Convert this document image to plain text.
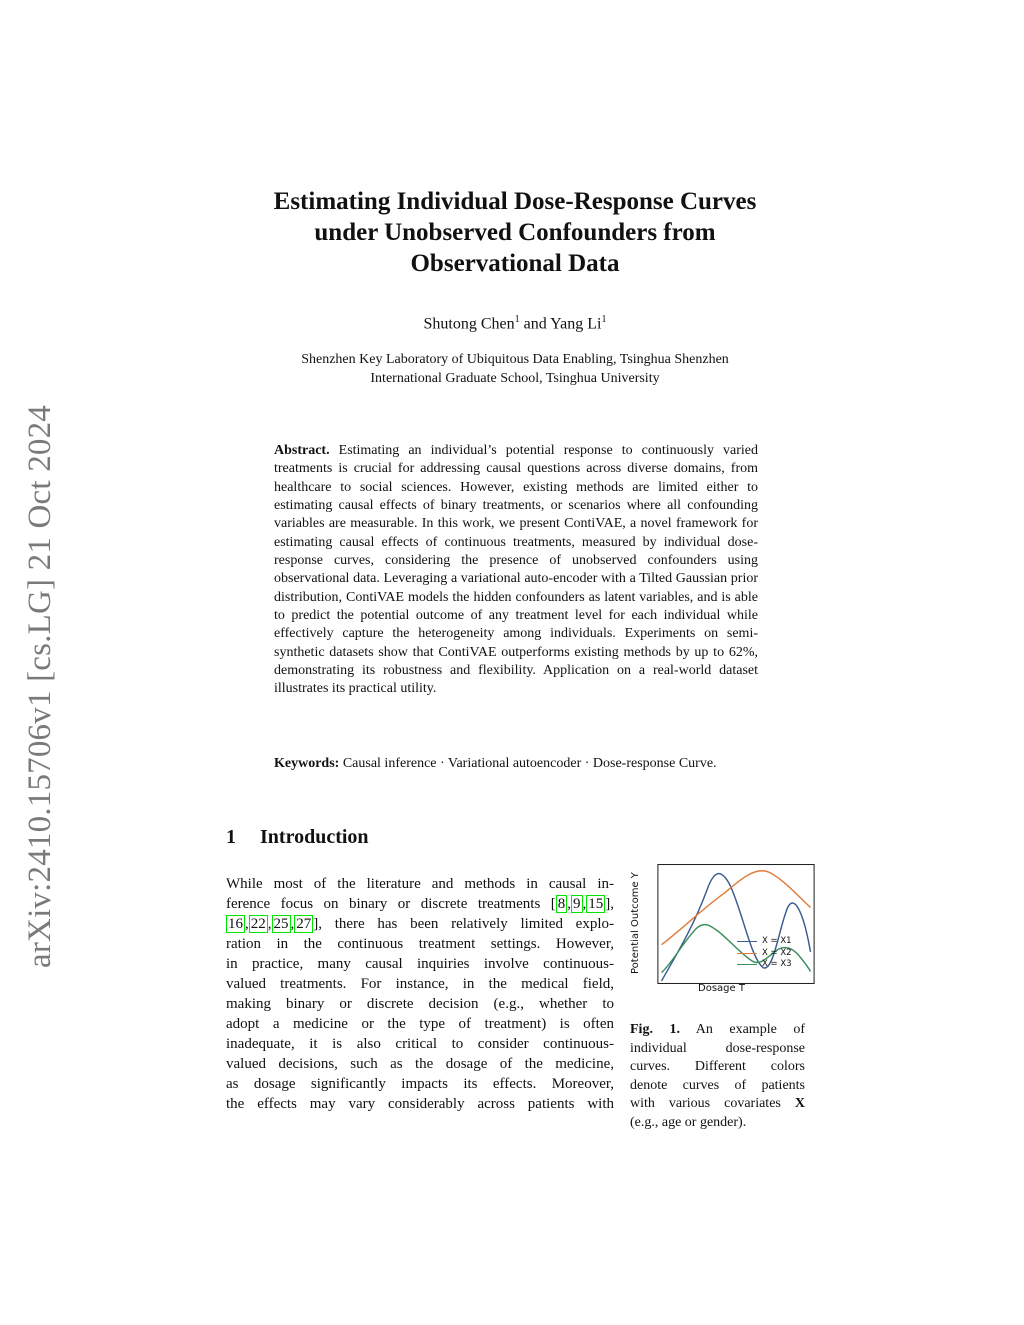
arXiv:2410.15706v1 [cs.LG] 21 Oct 2024
Estimating Individual Dose-Response Curves
under Unobserved Confounders from
Observational Data
Shutong Chen$^1$ and Yang Li$^1$
Shenzhen Key Laboratory of Ubiquitous Data Enabling, Tsinghua Shenzhen
International Graduate School, Tsinghua University
Abstract. Estimating an individual’s potential response to continuously varied treatments is crucial for addressing causal questions across diverse domains, from healthcare to social sciences. However, existing methods are limited either to estimating causal effects of binary treatments, or scenarios where all confounding variables are measurable. In this work, we present ContiVAE, a novel framework for estimating causal effects of continuous treatments, measured by individual dose-response curves, considering the presence of unobserved confounders using observational data. Leveraging a variational auto-encoder with a Tilted Gaussian prior distribution, ContiVAE models the hidden confounders as latent variables, and is able to predict the potential outcome of any treatment level for each individual while effectively capture the heterogeneity among individuals. Experiments on semi-synthetic datasets show that ContiVAE outperforms existing methods by up to 62%, demonstrating its robustness and flexibility. Application on a real-world dataset illustrates its practical utility.
Keywords: Causal inference · Variational autoencoder · Dose-response Curve.
1 Introduction
While most of the literature and methods in causal in-
ference focus on binary or discrete treatments [ 8 , 9 , 15 ],
16 , 22 , 25 , 27 ], there has been relatively limited explo-
ration in the continuous treatment settings. However,
in practice, many causal inquiries involve continuous-
valued treatments. For instance, in the medical field,
making binary or discrete decision (e.g., whether to
adopt a medicine or the type of treatment) is often
inadequate, it is also critical to consider continuous-
valued decisions, such as the dosage of the medicine,
as dosage significantly impacts its effects. Moreover,
the effects may vary considerably across patients with
Potential Outcome Y
Dosage T
X = X1
X = X2
X = X3
Fig. 1. An example of
individual dose-response
curves. Different colors
denote curves of patients
with various covariates X
(e.g., age or gender).
